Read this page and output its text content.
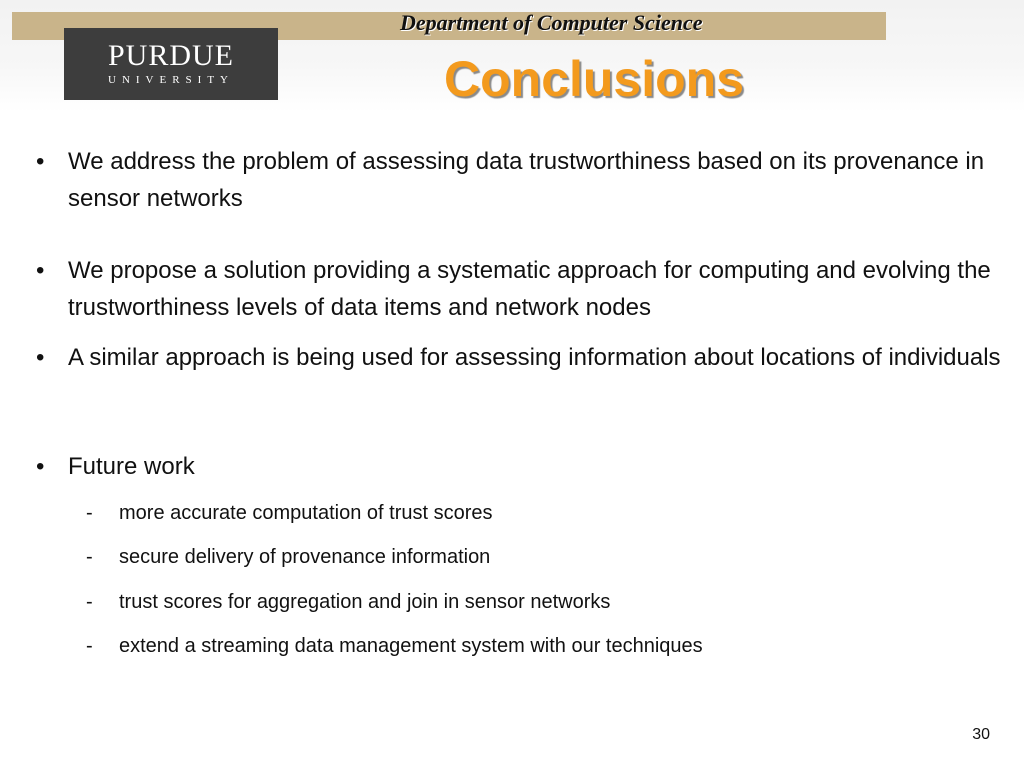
Department of Computer Science
PURDUE
UNIVERSITY	Conclusions
• We address the problem of assessing data trustworthiness based on its provenance in sensor networks
• We propose a solution providing a systematic approach for computing and evolving the trustworthiness levels of data items and network nodes
• A similar approach is being used for assessing information about locations of individuals
• Future work
-	more accurate computation of trust scores
-	secure delivery of provenance information
-	trust scores for aggregation and join in sensor networks
-	extend a streaming data management system with our techniques
30
